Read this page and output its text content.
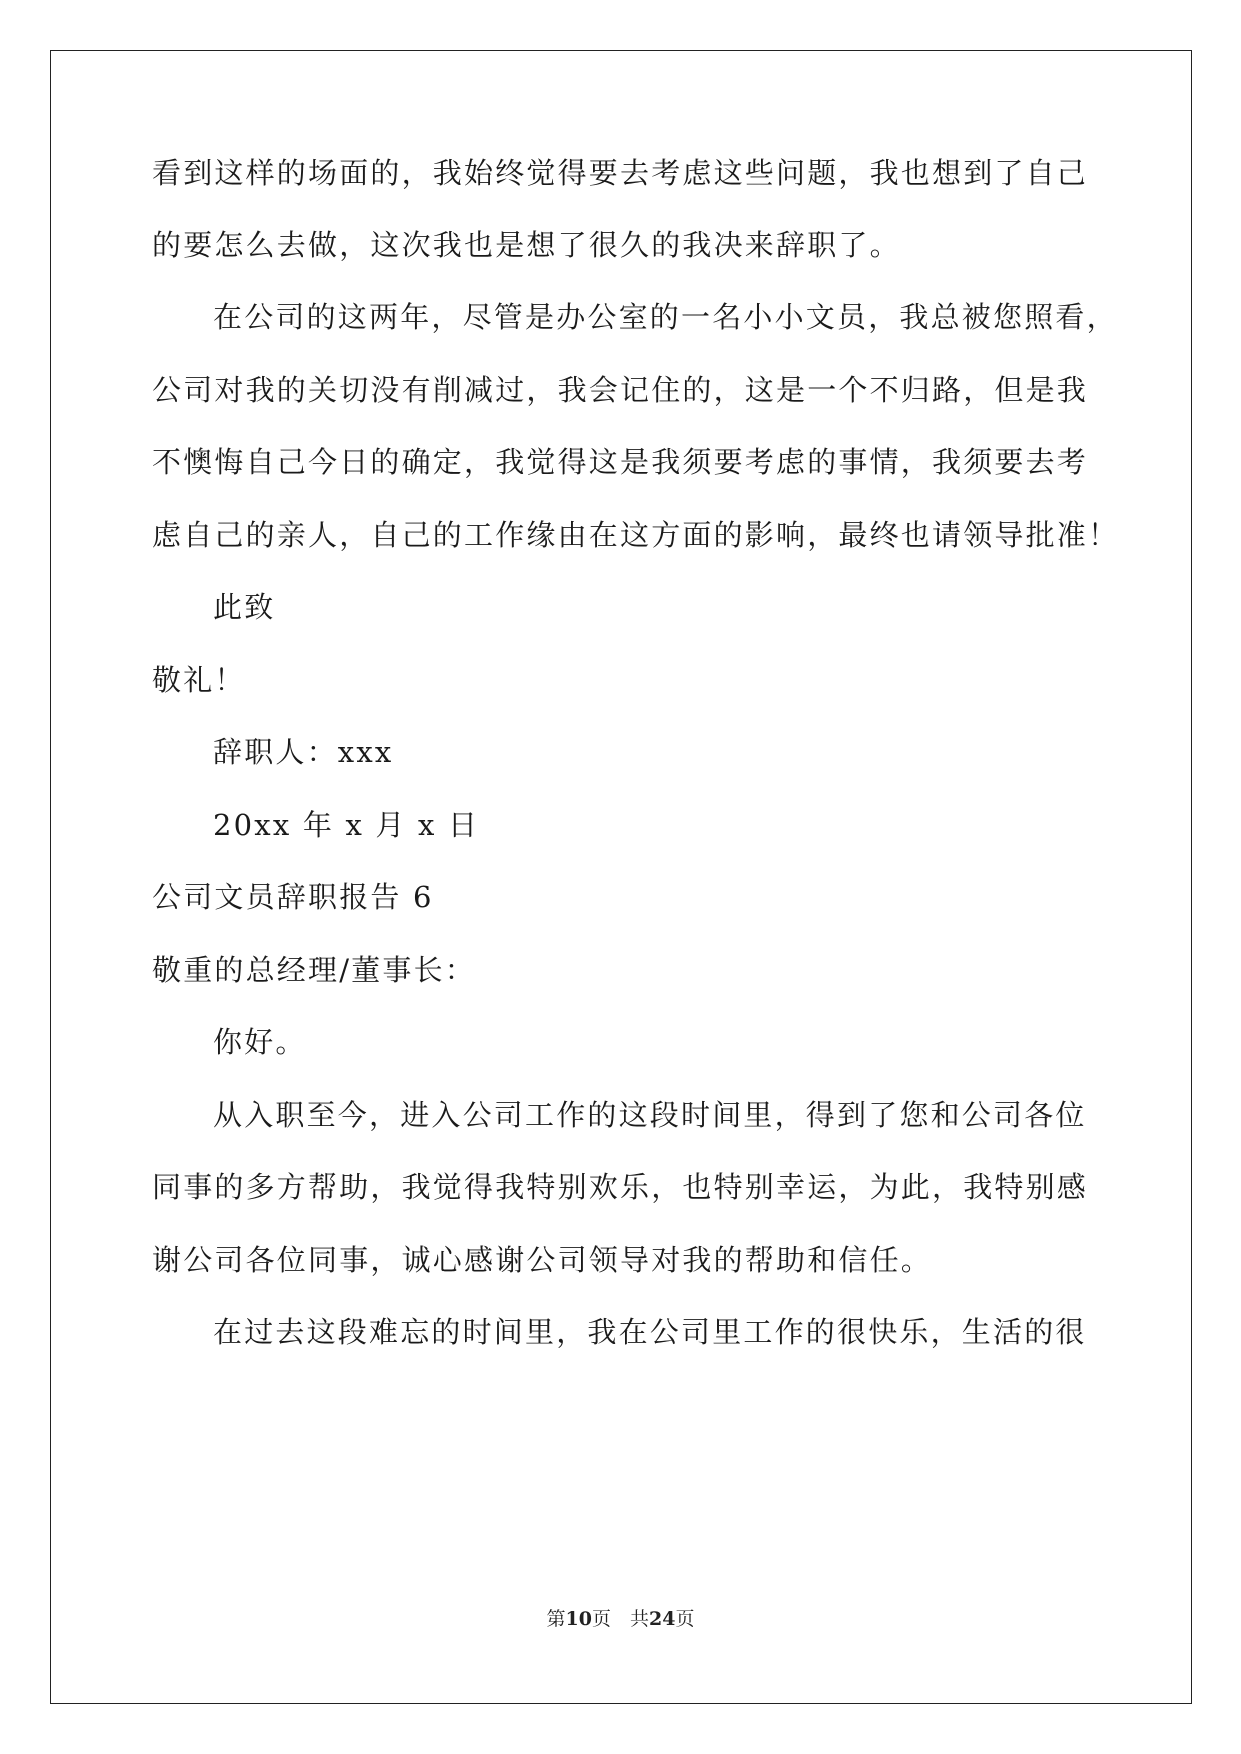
看到这样的场面的，我始终觉得要去考虑这些问题，我也想到了自己
的要怎么去做，这次我也是想了很久的我决来辞职了。
在公司的这两年，尽管是办公室的一名小小文员，我总被您照看，
公司对我的关切没有削减过，我会记住的，这是一个不归路，但是我
不懊悔自己今日的确定，我觉得这是我须要考虑的事情，我须要去考
虑自己的亲人，自己的工作缘由在这方面的影响，最终也请领导批准！
此致
敬礼！
辞职人：xxx
20xx 年 x 月 x 日
公司文员辞职报告 6
敬重的总经理/董事长：
你好。
从入职至今，进入公司工作的这段时间里，得到了您和公司各位
同事的多方帮助，我觉得我特别欢乐，也特别幸运，为此，我特别感
谢公司各位同事，诚心感谢公司领导对我的帮助和信任。
在过去这段难忘的时间里，我在公司里工作的很快乐，生活的很
第10页　共24页
